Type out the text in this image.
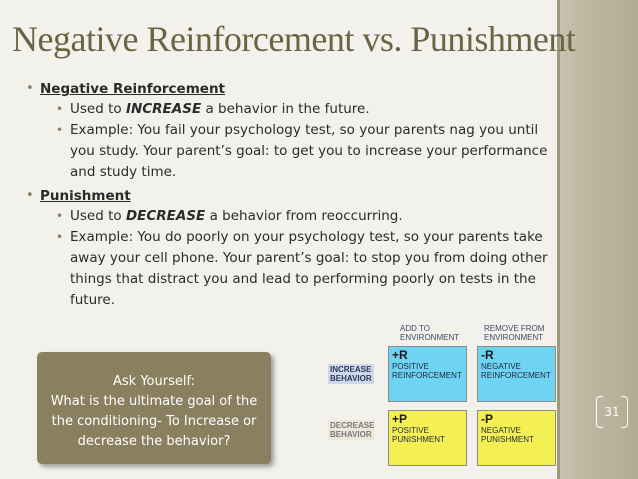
Negative Reinforcement vs. Punishment
• Negative Reinforcement
• Used to INCREASE a behavior in the future.
• Example: You fail your psychology test, so your parents nag you until you study. Your parent’s goal: to get you to increase your performance and study time.
• Punishment
• Used to DECREASE a behavior from reoccurring.
• Example: You do poorly on your psychology test, so your parents take away your cell phone. Your parent’s goal: to stop you from doing other things that distract you and lead to performing poorly on tests in the future.
Ask Yourself:
What is the ultimate goal of the
the conditioning- To Increase or
decrease the behavior?
ADD TO ENVIRONMENT
REMOVE FROM ENVIRONMENT
INCREASE BEHAVIOR
DECREASE BEHAVIOR
+R
POSITIVE REINFORCEMENT
-R
NEGATIVE REINFORCEMENT
+P
POSITIVE PUNISHMENT
-P
NEGATIVE PUNISHMENT
31
